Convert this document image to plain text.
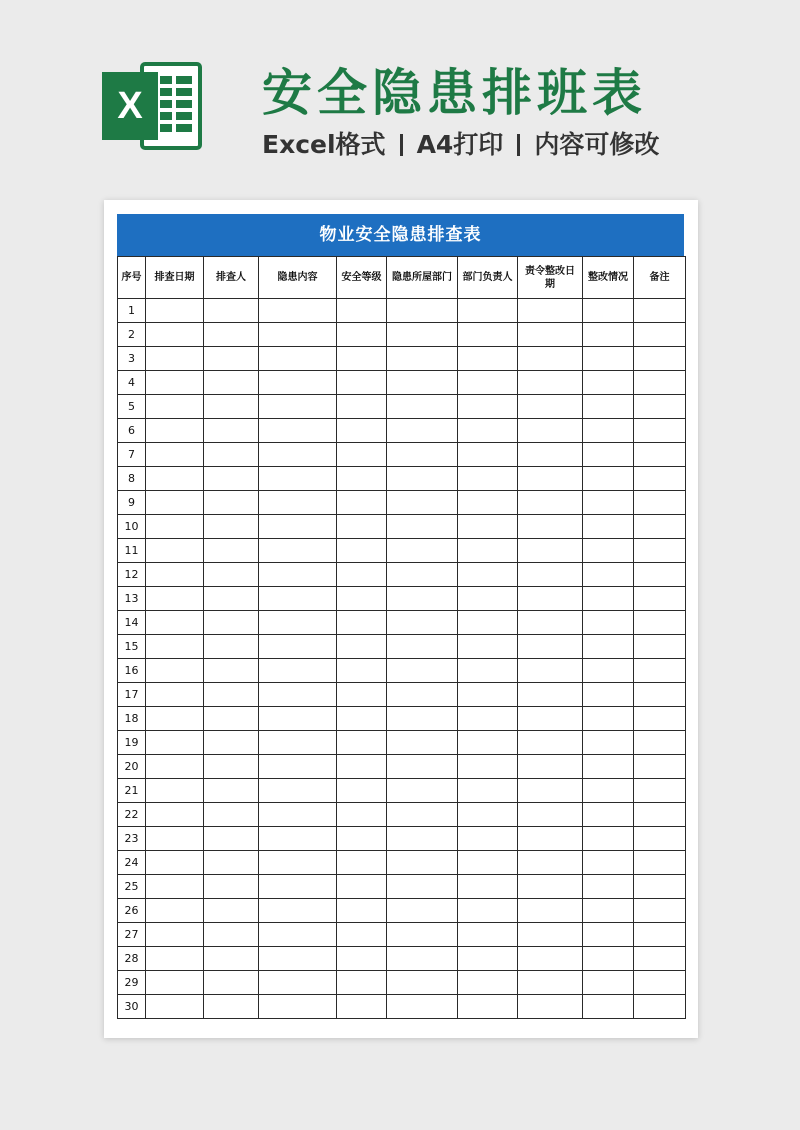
X 安全隐患排班表
Excel格式 A4打印 内容可修改
物业安全隐患排查表
序号	排查日期	排查人	隐患内容	安全等级	隐患所屋部门	部门负责人	责令整改日期	整改情况	备注
1									
2									
3									
4									
5									
6									
7									
8									
9									
10									
11									
12									
13									
14									
15									
16									
17									
18									
19									
20									
21									
22									
23									
24									
25									
26									
27									
28									
29									
30									
